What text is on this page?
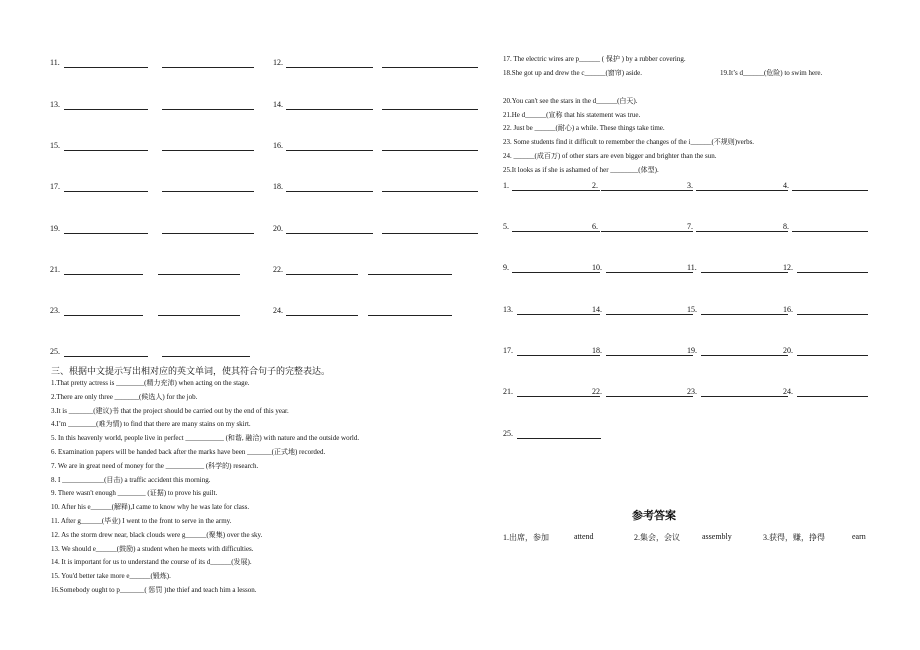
11.	12.
13.	14.
15.	16.
17.	18.
19.	20.
21.	22.
23.	24.
25.
三、根据中文提示写出相对应的英文单词，使其符合句子的完整表达。
1.That pretty actress is ________(精力充沛) when acting on the stage.
2.There are only three _______(候选人) for the job.
3.It is _______(建议)书 that the project should be carried out by the end of this year.
4.I’m ________(难为情) to find that there are many stains on my skirt.
5. In this heavenly world, people live in perfect ___________ (和谐, 融洽) with nature and the outside world.
6. Examination papers will be handed back after the marks have been _______(正式地) recorded.
7. We are in great need of money for the ___________ (科学的) research.
8. I ____________(目击) a traffic accident this morning.
9. There wasn't enough ________ (证据) to prove his guilt.
10. After his e______(解释),I came to know why he was late for class.
11. After g______(毕业) I went to the front to serve in the army.
12. As the storm drew near, black clouds were g______(聚集) over the sky.
13. We should e______(鼓励) a student when he meets with difficulties.
14. It is important for us to understand the course of its d______(发展).
15. You'd better take more e______(锻炼).
16.Somebody ought to p_______( 惩罚 )the thief and teach him a lesson.
17. The electric wires are p______ ( 保护 ) by a rubber covering.
18.She got up and drew the c______(窗帘) aside.	19.It’s d______(危险) to swim here.
20.You can't see the stars in the d______(白天).
21.He d______(宣称 that his statement was true.
22. Just be ______(耐心) a while. These things take time.
23. Some students find it difficult to remember the changes of the i______(不规则)verbs.
24. ______(成百万) of other stars are even bigger and brighter than the sun.
25.It looks as if she is ashamed of her ________(体型).
1.	2.	3.	4.
5.	6.	7.	8.
9.	10.	11.	12.
13.	14.	15.	16.
17.	18.	19.	20.
21.	22.	23.	24.
25.
参考答案
1.出席，参加	attend	2.集会，会议	assembly	3.获得，赚，挣得	earn
